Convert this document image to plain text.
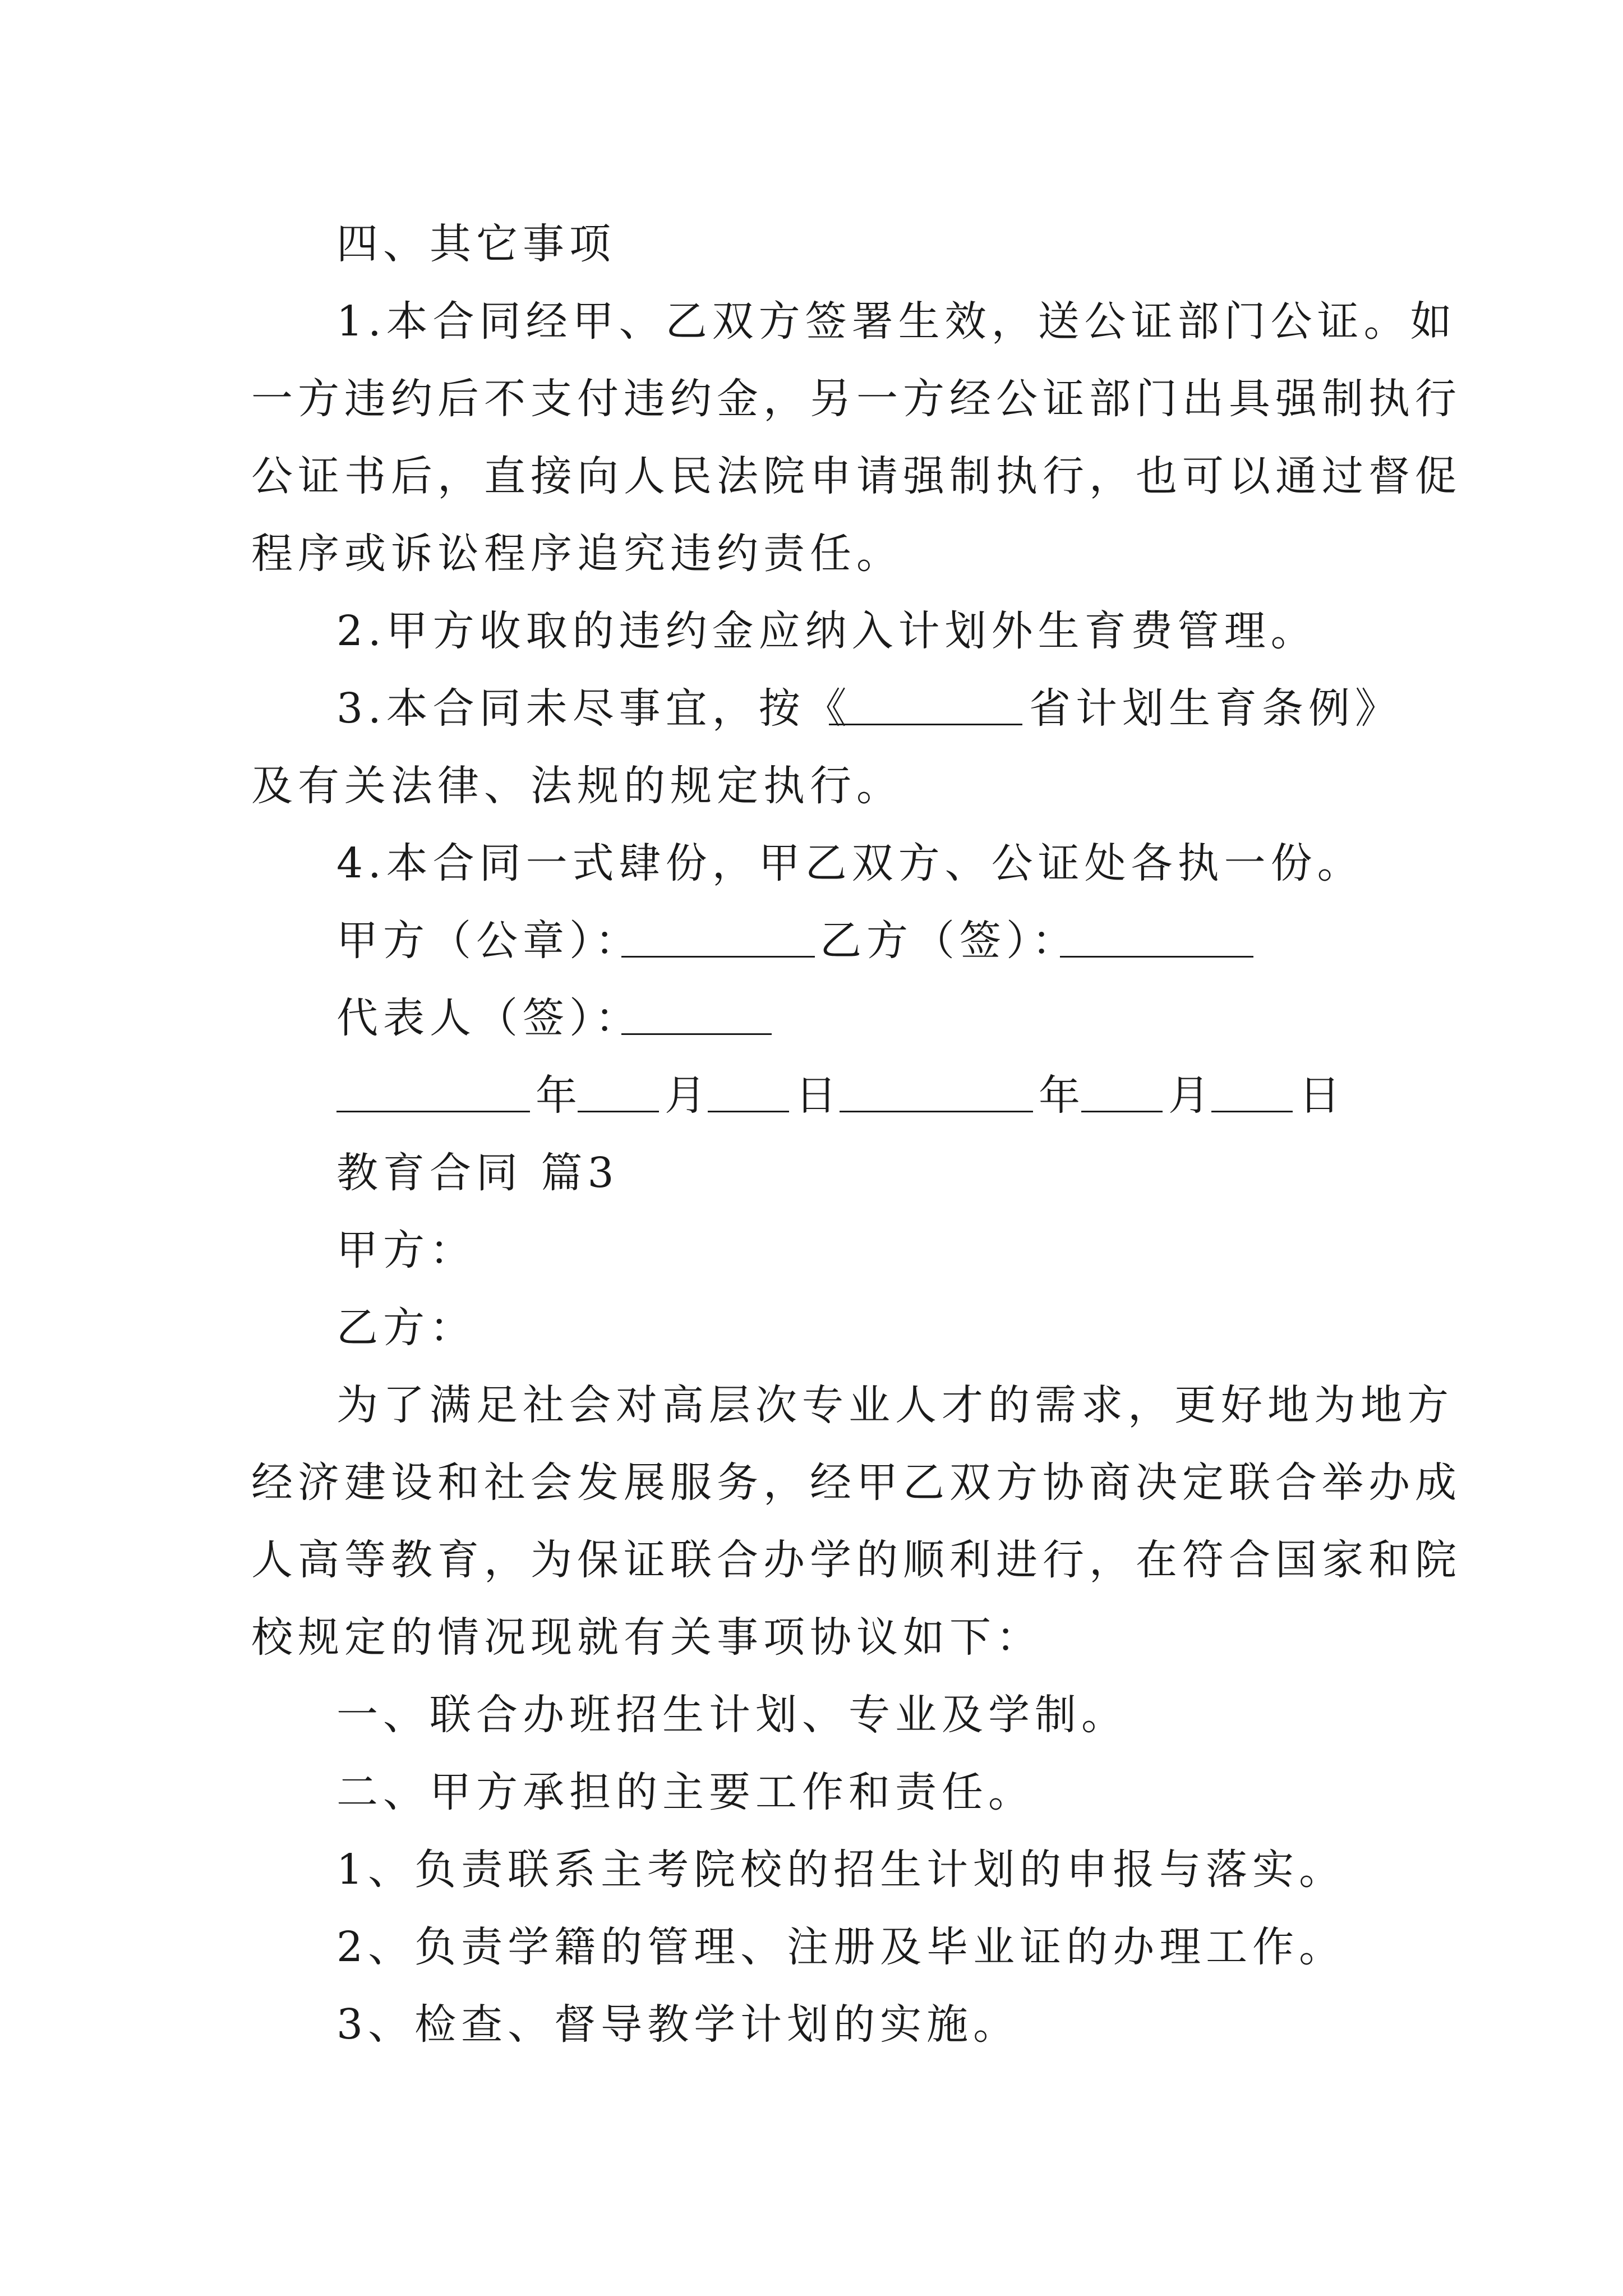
四、其它事项
1.本合同经甲、乙双方签署生效，送公证部门公证。如
一方违约后不支付违约金，另一方经公证部门出具强制执行
公证书后，直接向人民法院申请强制执行，也可以通过督促
程序或诉讼程序追究违约责任。
2.甲方收取的违约金应纳入计划外生育费管理。
3.本合同未尽事宜，按《	省计划生育条例》
及有关法律、法规的规定执行。
4.本合同一式肆份，甲乙双方、公证处各执一份。
甲方（公章）：	乙方（签）：
代表人（签）：
年 月 日	年 月 日
教育合同 篇3
甲方：
乙方：
为了满足社会对高层次专业人才的需求，更好地为地方
经济建设和社会发展服务，经甲乙双方协商决定联合举办成
人高等教育，为保证联合办学的顺利进行，在符合国家和院
校规定的情况现就有关事项协议如下：
一、联合办班招生计划、专业及学制。
二、甲方承担的主要工作和责任。
1、负责联系主考院校的招生计划的申报与落实。
2、负责学籍的管理、注册及毕业证的办理工作。
3、检查、督导教学计划的实施。
